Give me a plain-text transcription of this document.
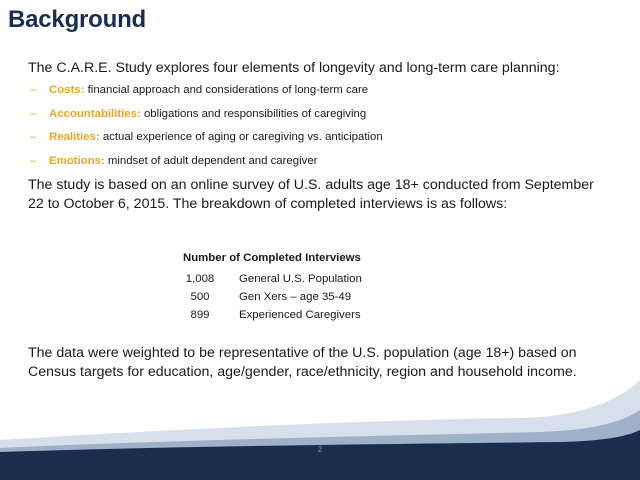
Background
The C.A.R.E. Study explores four elements of longevity and long-term care planning:
– Costs: financial approach and considerations of long-term care
– Accountabilities: obligations and responsibilities of caregiving
– Realities: actual experience of aging or caregiving vs. anticipation
– Emotions: mindset of adult dependent and caregiver
The study is based on an online survey of U.S. adults age 18+ conducted from September 22 to October 6, 2015. The breakdown of completed interviews is as follows:
Number of Completed Interviews
1,008 General U.S. Population
500	Gen Xers – age 35-49
899	Experienced Caregivers
The data were weighted to be representative of the U.S. population (age 18+) based on Census targets for education, age/gender, race/ethnicity, region and household income.
2
